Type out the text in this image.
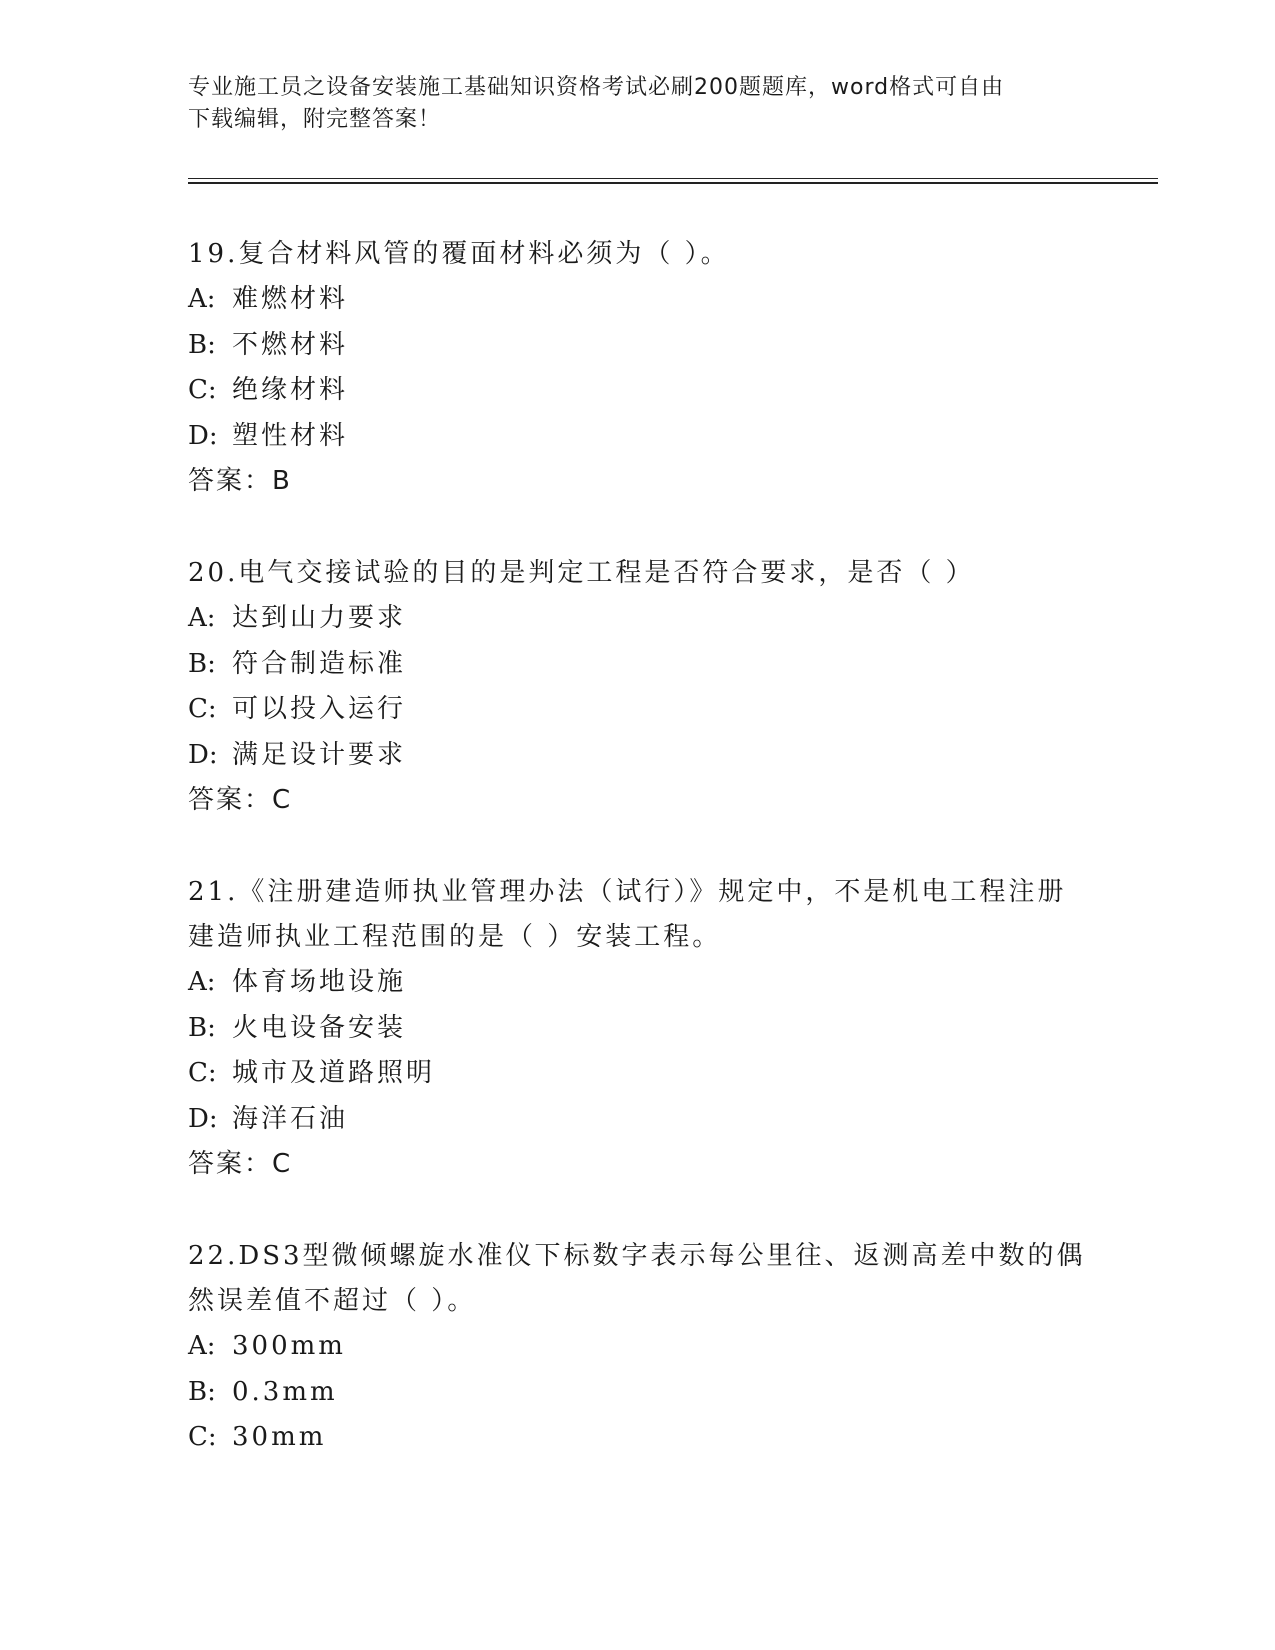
专业施工员之设备安装施工基础知识资格考试必刷200题题库，word格式可自由
下载编辑，附完整答案！

19.复合材料风管的覆面材料必须为（ ）。

A: 难燃材料

B: 不燃材料

C: 绝缘材料

D: 塑性材料

答案：B

20.电气交接试验的目的是判定工程是否符合要求，是否（ ）

A: 达到山力要求

B: 符合制造标准

C: 可以投入运行

D: 满足设计要求

答案：C

21.《注册建造师执业管理办法（试行）》规定中，不是机电工程注册

建造师执业工程范围的是（ ）安装工程。

A: 体育场地设施

B: 火电设备安装

C: 城市及道路照明

D: 海洋石油

答案：C

22.DS3型微倾螺旋水准仪下标数字表示每公里往、返测高差中数的偶

然误差值不超过（ ）。

A: 300mm

B: 0.3mm

C: 30mm
